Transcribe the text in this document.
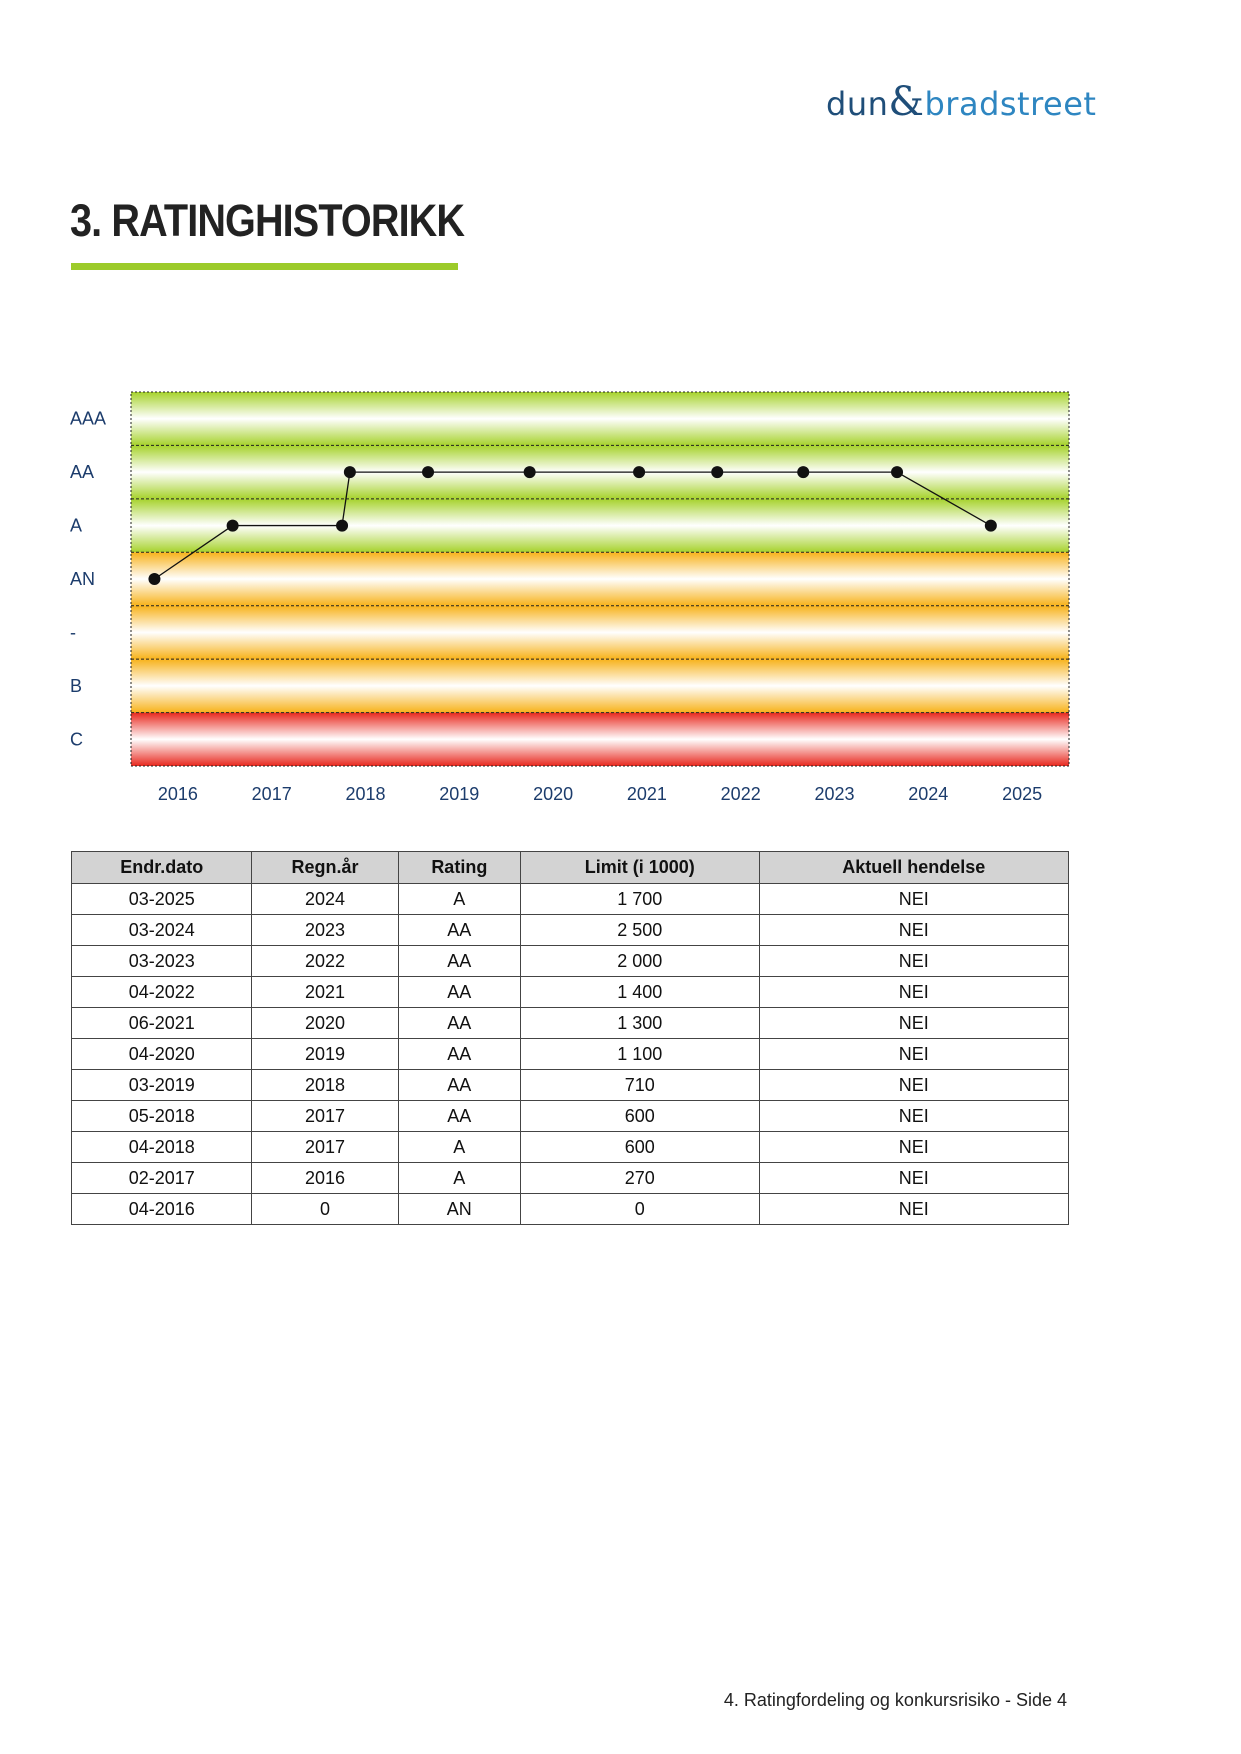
dun&bradstreet
3. RATINGHISTORIKK
AAA
AA
A
AN
-
B
C
2016	2017	2018	2019	2020	2021	2022	2023	2024	2025
Endr.dato	Regn.år	Rating	Limit (i 1000)	Aktuell hendelse
03-2025	2024	A	1 700	NEI
03-2024	2023	AA	2 500	NEI
03-2023	2022	AA	2 000	NEI
04-2022	2021	AA	1 400	NEI
06-2021	2020	AA	1 300	NEI
04-2020	2019	AA	1 100	NEI
03-2019	2018	AA	710	NEI
05-2018	2017	AA	600	NEI
04-2018	2017	A	600	NEI
02-2017	2016	A	270	NEI
04-2016	0	AN	0	NEI
4. Ratingfordeling og konkursrisiko - Side 4
